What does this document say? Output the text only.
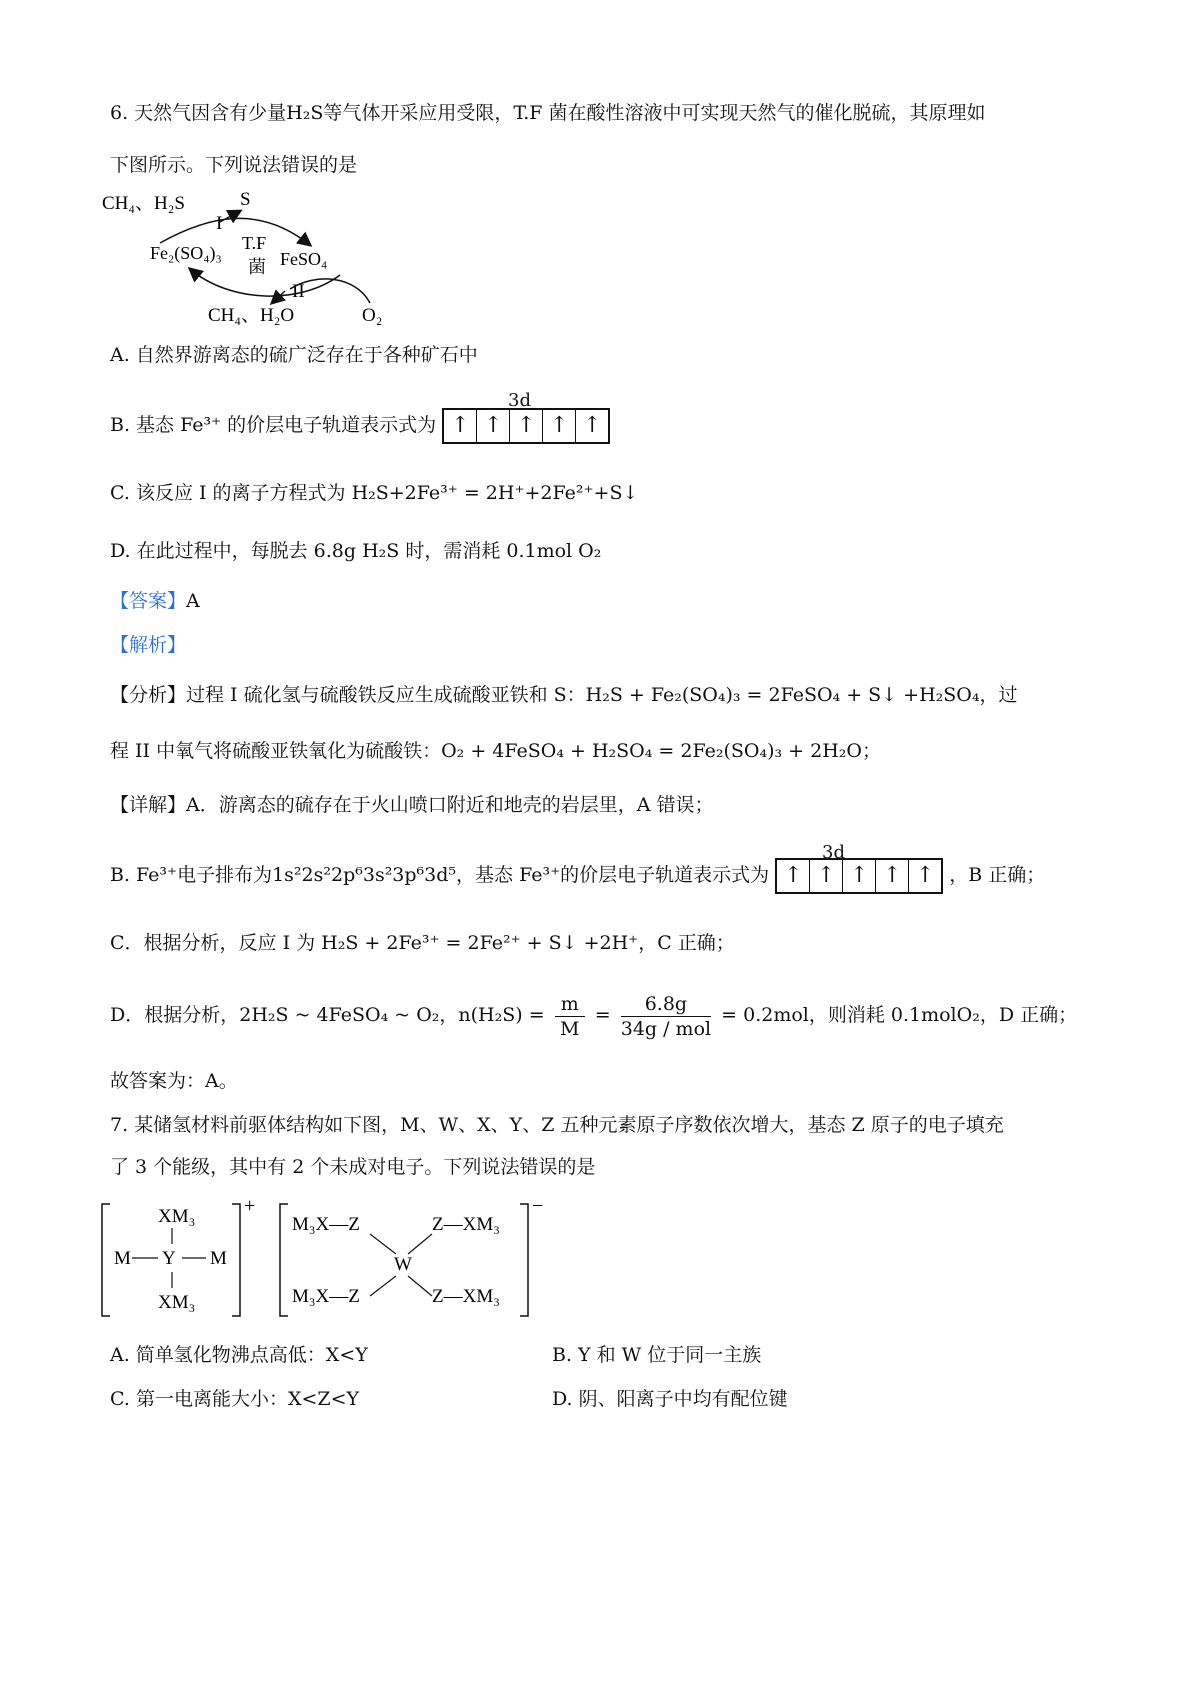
6. 天然气因含有少量H₂S等气体开采应用受限，T.F 菌在酸性溶液中可实现天然气的催化脱硫，其原理如
下图所示。下列说法错误的是
CH₄、H₂S	S
I
Fe₂(SO₄)₃ T.F
菌 FeSO₄
II
CH₄、H₂O	O₂
A. 自然界游离态的硫广泛存在于各种矿石中
B. 基态 Fe³⁺ 的价层电子轨道表示式为 ↑ ↑ ↑ ↑ ↑
3d
C. 该反应 I 的离子方程式为 H₂S+2Fe³⁺ = 2H⁺+2Fe²⁺+S↓
D. 在此过程中，每脱去 6.8g H₂S 时，需消耗 0.1mol O₂
【答案】A
【解析】
【分析】过程 I 硫化氢与硫酸铁反应生成硫酸亚铁和 S：H₂S + Fe₂(SO₄)₃ = 2FeSO₄ + S↓ +H₂SO₄，过
程 II 中氧气将硫酸亚铁氧化为硫酸铁：O₂ + 4FeSO₄ + H₂SO₄ = 2Fe₂(SO₄)₃ + 2H₂O；
【详解】A．游离态的硫存在于火山喷口附近和地壳的岩层里，A 错误；
B. Fe³⁺电子排布为1s²2s²2p⁶3s²3p⁶3d⁵，基态 Fe³⁺的价层电子轨道表示式为 ↑ ↑ ↑ ↑ ↑ ，B 正确；
3d
C．根据分析，反应 I 为 H₂S + 2Fe³⁺ = 2Fe²⁺ + S↓ +2H⁺，C 正确；
D．根据分析，2H₂S ~ 4FeSO₄ ~ O₂，$n(H_2S) = \frac{m}{M} = \frac{6.8g}{\text{34g / mol}} = 0.2mol$，则消耗 0.1molO₂，D 正确；
故答案为：A。
7. 某储氢材料前驱体结构如下图，M、W、X、Y、Z 五种元素原子序数依次增大，基态 Z 原子的电子填充
了 3 个能级，其中有 2 个未成对电子。下列说法错误的是
+
XM₃
M Y M
XM₃
−
M₃X—Z	Z—XM₃
W
M₃X—Z	Z—XM₃
A. 简单氢化物沸点高低：X<Y	B. Y 和 W 位于同一主族
C. 第一电离能大小：X<Z<Y	D. 阴、阳离子中均有配位键
